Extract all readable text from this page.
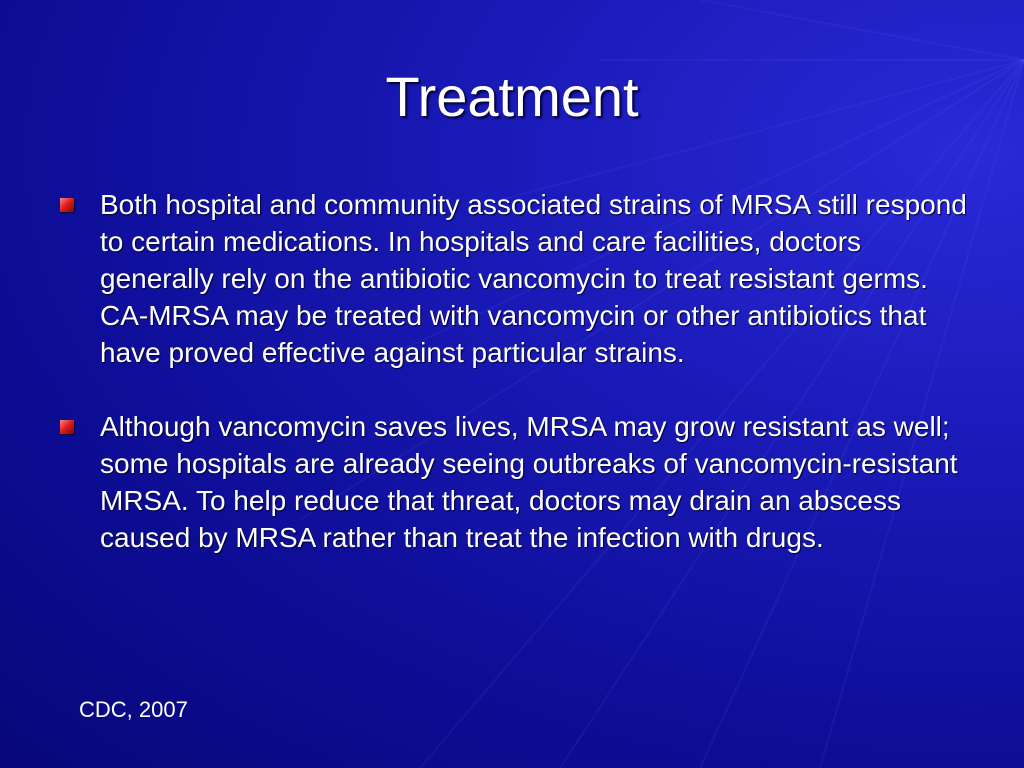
Treatment
Both hospital and community associated strains of MRSA still respond to certain medications. In hospitals and care facilities, doctors generally rely on the antibiotic vancomycin to treat resistant germs. CA-MRSA may be treated with vancomycin or other antibiotics that have proved effective against particular strains.
Although vancomycin saves lives, MRSA may grow resistant as well; some hospitals are already seeing outbreaks of vancomycin-resistant MRSA. To help reduce that threat, doctors may drain an abscess caused by MRSA rather than treat the infection with drugs.
CDC, 2007
